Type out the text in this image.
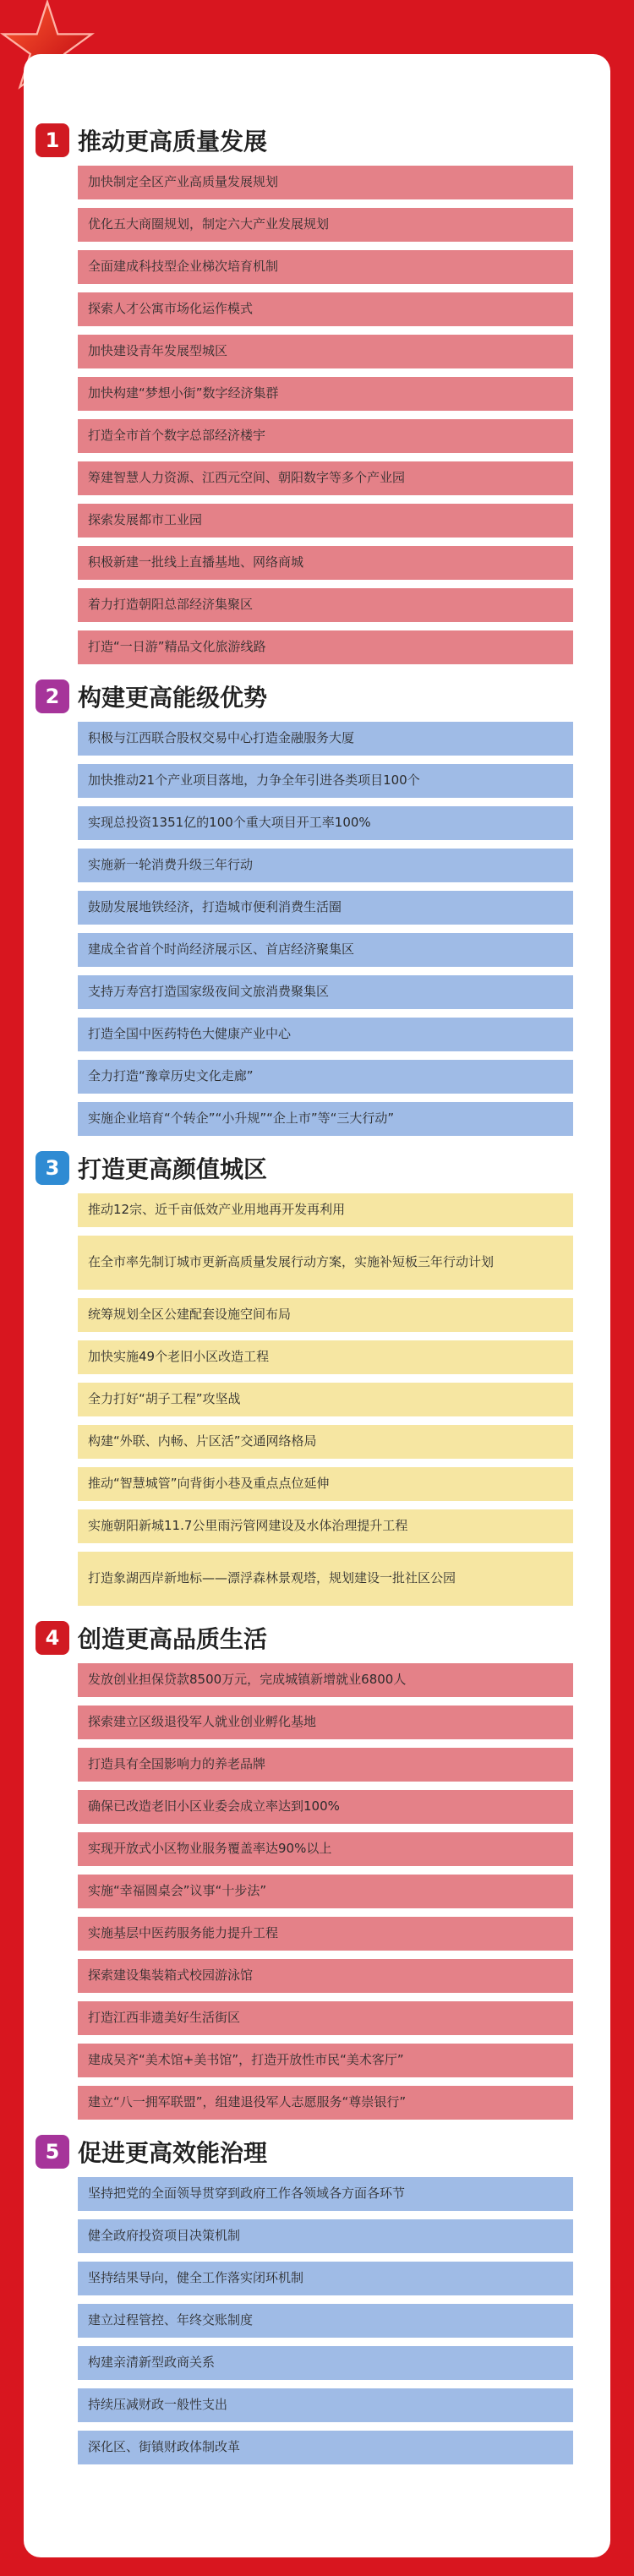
1 推动更高质量发展
加快制定全区产业高质量发展规划
优化五大商圈规划，制定六大产业发展规划
全面建成科技型企业梯次培育机制
探索人才公寓市场化运作模式
加快建设青年发展型城区
加快构建“梦想小街”数字经济集群
打造全市首个数字总部经济楼宇
筹建智慧人力资源、江西元空间、朝阳数字等多个产业园
探索发展都市工业园
积极新建一批线上直播基地、网络商城
着力打造朝阳总部经济集聚区
打造“一日游”精品文化旅游线路
2 构建更高能级优势
积极与江西联合股权交易中心打造金融服务大厦
加快推动21个产业项目落地，力争全年引进各类项目100个
实现总投资1351亿的100个重大项目开工率100%
实施新一轮消费升级三年行动
鼓励发展地铁经济，打造城市便利消费生活圈
建成全省首个时尚经济展示区、首店经济聚集区
支持万寿宫打造国家级夜间文旅消费聚集区
打造全国中医药特色大健康产业中心
全力打造“豫章历史文化走廊”
实施企业培育“个转企”“小升规”“企上市”等“三大行动”
3 打造更高颜值城区
推动12宗、近千亩低效产业用地再开发再利用
在全市率先制订城市更新高质量发展行动方案，实施补短板三年行动计划
统筹规划全区公建配套设施空间布局
加快实施49个老旧小区改造工程
全力打好“胡子工程”攻坚战
构建“外联、内畅、片区活”交通网络格局
推动“智慧城管”向背街小巷及重点点位延伸
实施朝阳新城11.7公里雨污管网建设及水体治理提升工程
打造象湖西岸新地标——漂浮森林景观塔，规划建设一批社区公园
4 创造更高品质生活
发放创业担保贷款8500万元，完成城镇新增就业6800人
探索建立区级退役军人就业创业孵化基地
打造具有全国影响力的养老品牌
确保已改造老旧小区业委会成立率达到100%
实现开放式小区物业服务覆盖率达90%以上
实施“幸福圆桌会”议事“十步法”
实施基层中医药服务能力提升工程
探索建设集装箱式校园游泳馆
打造江西非遗美好生活街区
建成吴齐“美术馆+美书馆”，打造开放性市民“美术客厅”
建立“八一拥军联盟”，组建退役军人志愿服务“尊崇银行”
5 促进更高效能治理
坚持把党的全面领导贯穿到政府工作各领域各方面各环节
健全政府投资项目决策机制
坚持结果导向，健全工作落实闭环机制
建立过程管控、年终交账制度
构建亲清新型政商关系
持续压减财政一般性支出
深化区、街镇财政体制改革
